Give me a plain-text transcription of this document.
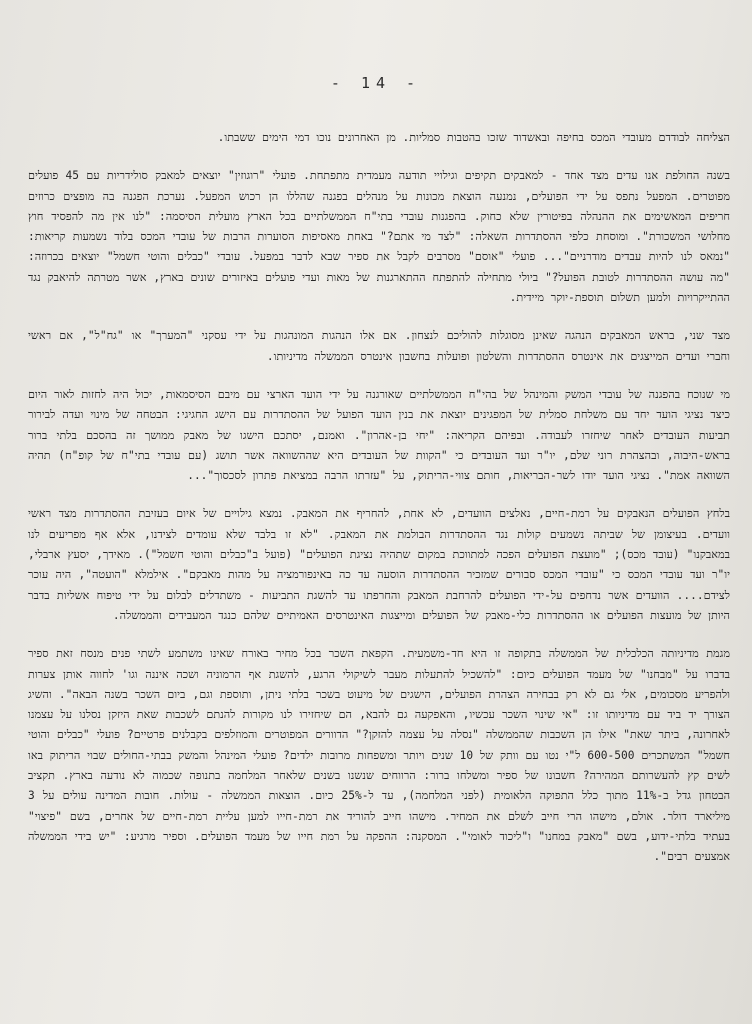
- 14 -

הצליחה לבודדם מעובדי המכס בחיפה ובאשדוד שזכו בהטבות סמליות. מן האחרונים נוכו דמי הימים ששבתו.

בשנה החולפת אנו עדים מצד אחד - למאבקים תקיפים וגילויי תודעה מעמדית מתפתחת. פועלי "רוגוזין" יוצאים למאבק סולידריות עם 45 פועלים מפוטרים. המפעל נתפס על ידי הפועלים, נמנעה הוצאת מכונות על מנהלים בפגנה שהללו הן רכוש המפעל. נערכת הפגנה בה מופצים כרוזים חריפים המאשימים את ההנהלה בפיטורין שלא כחוק. בהפגנות עובדי בתי"ח הממשלתיים בכל הארץ מועלית הסיסמה: "לנו אין מה להפסיד חוץ מחלושי המשכורת". ומוסחת כלפי ההסתדרות השאלה: "לצד מי אתם?" באחת מאסיפות הסוערות הרבות של עובדי המכס בלוד נשמעות קריאות: "נמאס לנו להיות עבדים מודרניים"... פועלי "אוסם" מסרבים לקבל את ספיר שבא לדבר במפעל. עובדי "כבלים והוטי חשמל" יוצאים בכרוזה: "מה עושה ההסתדרות לטובת הפועל?" ביולי מתחילה להתפתח ההתארגנות של מאות ועדי פועלים באיזורים שונים בארץ, אשר מטרתה להיאבק נגד ההתייקרויות ולמען תשלום תוספת-יוקר מיידית.

מצד שני, בראש המאבקים הנהגה שאינן מסוגלות להוליכם לנצחון. אם אלו הנהגות המונהגות על ידי עסקני "המערך" או "גח"ל", אם ראשי וחברי ועדים המייצגים את אינטרס ההסתדרות והשלטון ופועלות בחשבון אינטרס הממשלה מדיניותו.

מי שנוכח בהפגנה של עובדי המשק והמינהל של בהי"ח הממשלתיים שאורגנה על ידי הועד הארצי עם מיבם הסיסמאות, יכול היה לחזות לאור היום כיצד נציגי הועד יחד עם משלחת סמלית של המפגינים יוצאת את בנין הועד הפועל של ההסתדרות עם הישג החגיגי: הבטחה של מינוי ועדה לבירור תביעות העובדים לאחר שיחזרו לעבודה. ובפיהם הקריאה: "יחי בן-אהרון". ואמנם, יסתכם הישגו של מאבק ממושך זה בהסכם בלתי ברור בראש-היבוה, ובהצהרת רוני שלם, יו"ר ועד העובדים כי "הקוות של העובדים היא שההשוואה אשר תושג (עם עובדי בתי"ח של קופ"ח) תהיה השוואה אמת". נציגי הועד יודו לשר-הבריאות, חותם צווי-הריתוק, על "עזרתו הרבה במציאת פתרון לסכסוך"...

בלחץ הפועלים הנאבקים על רמת-חיים, נאלצים הוועדים, לא אחת, להחריף את המאבק. נמצא גילויים של איום בעזיבת ההסתדרות מצד ראשי וועדים. בעיצומן של שביתה נשמעים קולות נגד ההסתדרות הבולמת את המאבק. "לא זו בלבד שלא עומדים לצידנו, אלא אף מפריעים לנו במאבקנו" (עובד מכס); "מועצת הפועלים הפכה למתווכת במקום שתהיה נציגת הפועלים" (פועל ב"כבלים והוטי חשמל"). מאידך, יסעץ ארבלי, יו"ר ועד עובדי המכס כי "עובדי המכס סבורים שמזכיר ההסתדרות הוסעה עד כה באינפורמציה על מהות מאבקם". אילמלא "הועטה", היה עוכר לצידם.... הוועדים אשר נדחפים על-ידי הפועלים להרחבת המאבק והחרפתו עד להשגת התביעות - משתדלים לבלום על ידי טיפוח אשליות בדבר היותן של מועצות הפועלים או ההסתדרות כלי-מאבק של הפועלים ומייצגות האינטרסים האמיתיים שלהם כנגד המעבידים והממשלה.

מגמת מדיניותה הכלכלית של הממשלה בתקופה זו היא חד-משמעית. הקפאת השכר בכל מחיר באורח שאינו משתמע לשתי פנים מנסח זאת ספיר בדברו על "מבחנו" של מעמד הפועלים כיום: "להשכיל להתעלות מעבר לשיקולי הרגע, להשגת אף הרמוניה ושכה איננה וגו' לחווה אותן צערות ולהפריע מסכומים, אלי גם לא רק בבחירה הצהרת הפועלים, הישגים של מיעוט בשכר בלתי ניתן, ותוספת וגם, ביום השכר בשנה הבאה". והשיג הצורך יד ביד עם מדיניותו זו: "אי שינוי השכר עכשיו, והאפקעה גם להבא, הם שיחזירו לנו מקורות להנתם לשכבות שאת היזקן נסלנו על עצמנו לאחרונה, ביתר שאת" אילו הן השכבות שהממשלה "נסלה על עצמה להזקן?" הדוורים המפוטרים והמוזלפים בקבלנים פרטיים? פועלי "כבלים והוטי חשמל" המשתכרים 600-500 ל"י נטו עם וותק של 10 שנים ויותר ומשפחות מרובות ילדים? פועלי המינהל והמשק בבתי-החולים שבוי הריתוק באו לשים קץ להעשרותם המהירה? חשבונו של ספיר ומשלחו ברור: הרווחים שנשנו בשנים שלאחר המלחמה בתנופה שכמוה לא נודעה בארץ. תקציב הבטחון גדל ב-11% מתוך כלל התפוקה הלאומית (לפני המלחמה), עד ל-25% כיום. הוצאות הממשלה - עולות. חובות המדינה עולים על 3 מיליארד דולר. אולם, מישהו הרי חייב לשלם את המחיר. מישהו חייב להוריד את רמת-חייו למען עליית רמת-חיים של אחרים, בשם "פיצוי" בעתיד בלתי-ידוע, בשם "מאבק במחנו" ו"ליכוד לאומי". המסקנה: ההפקה על רמת חייו של מעמד הפועלים. וספיר מרגיע: "יש בידי הממשלה אמצעים רבים".
